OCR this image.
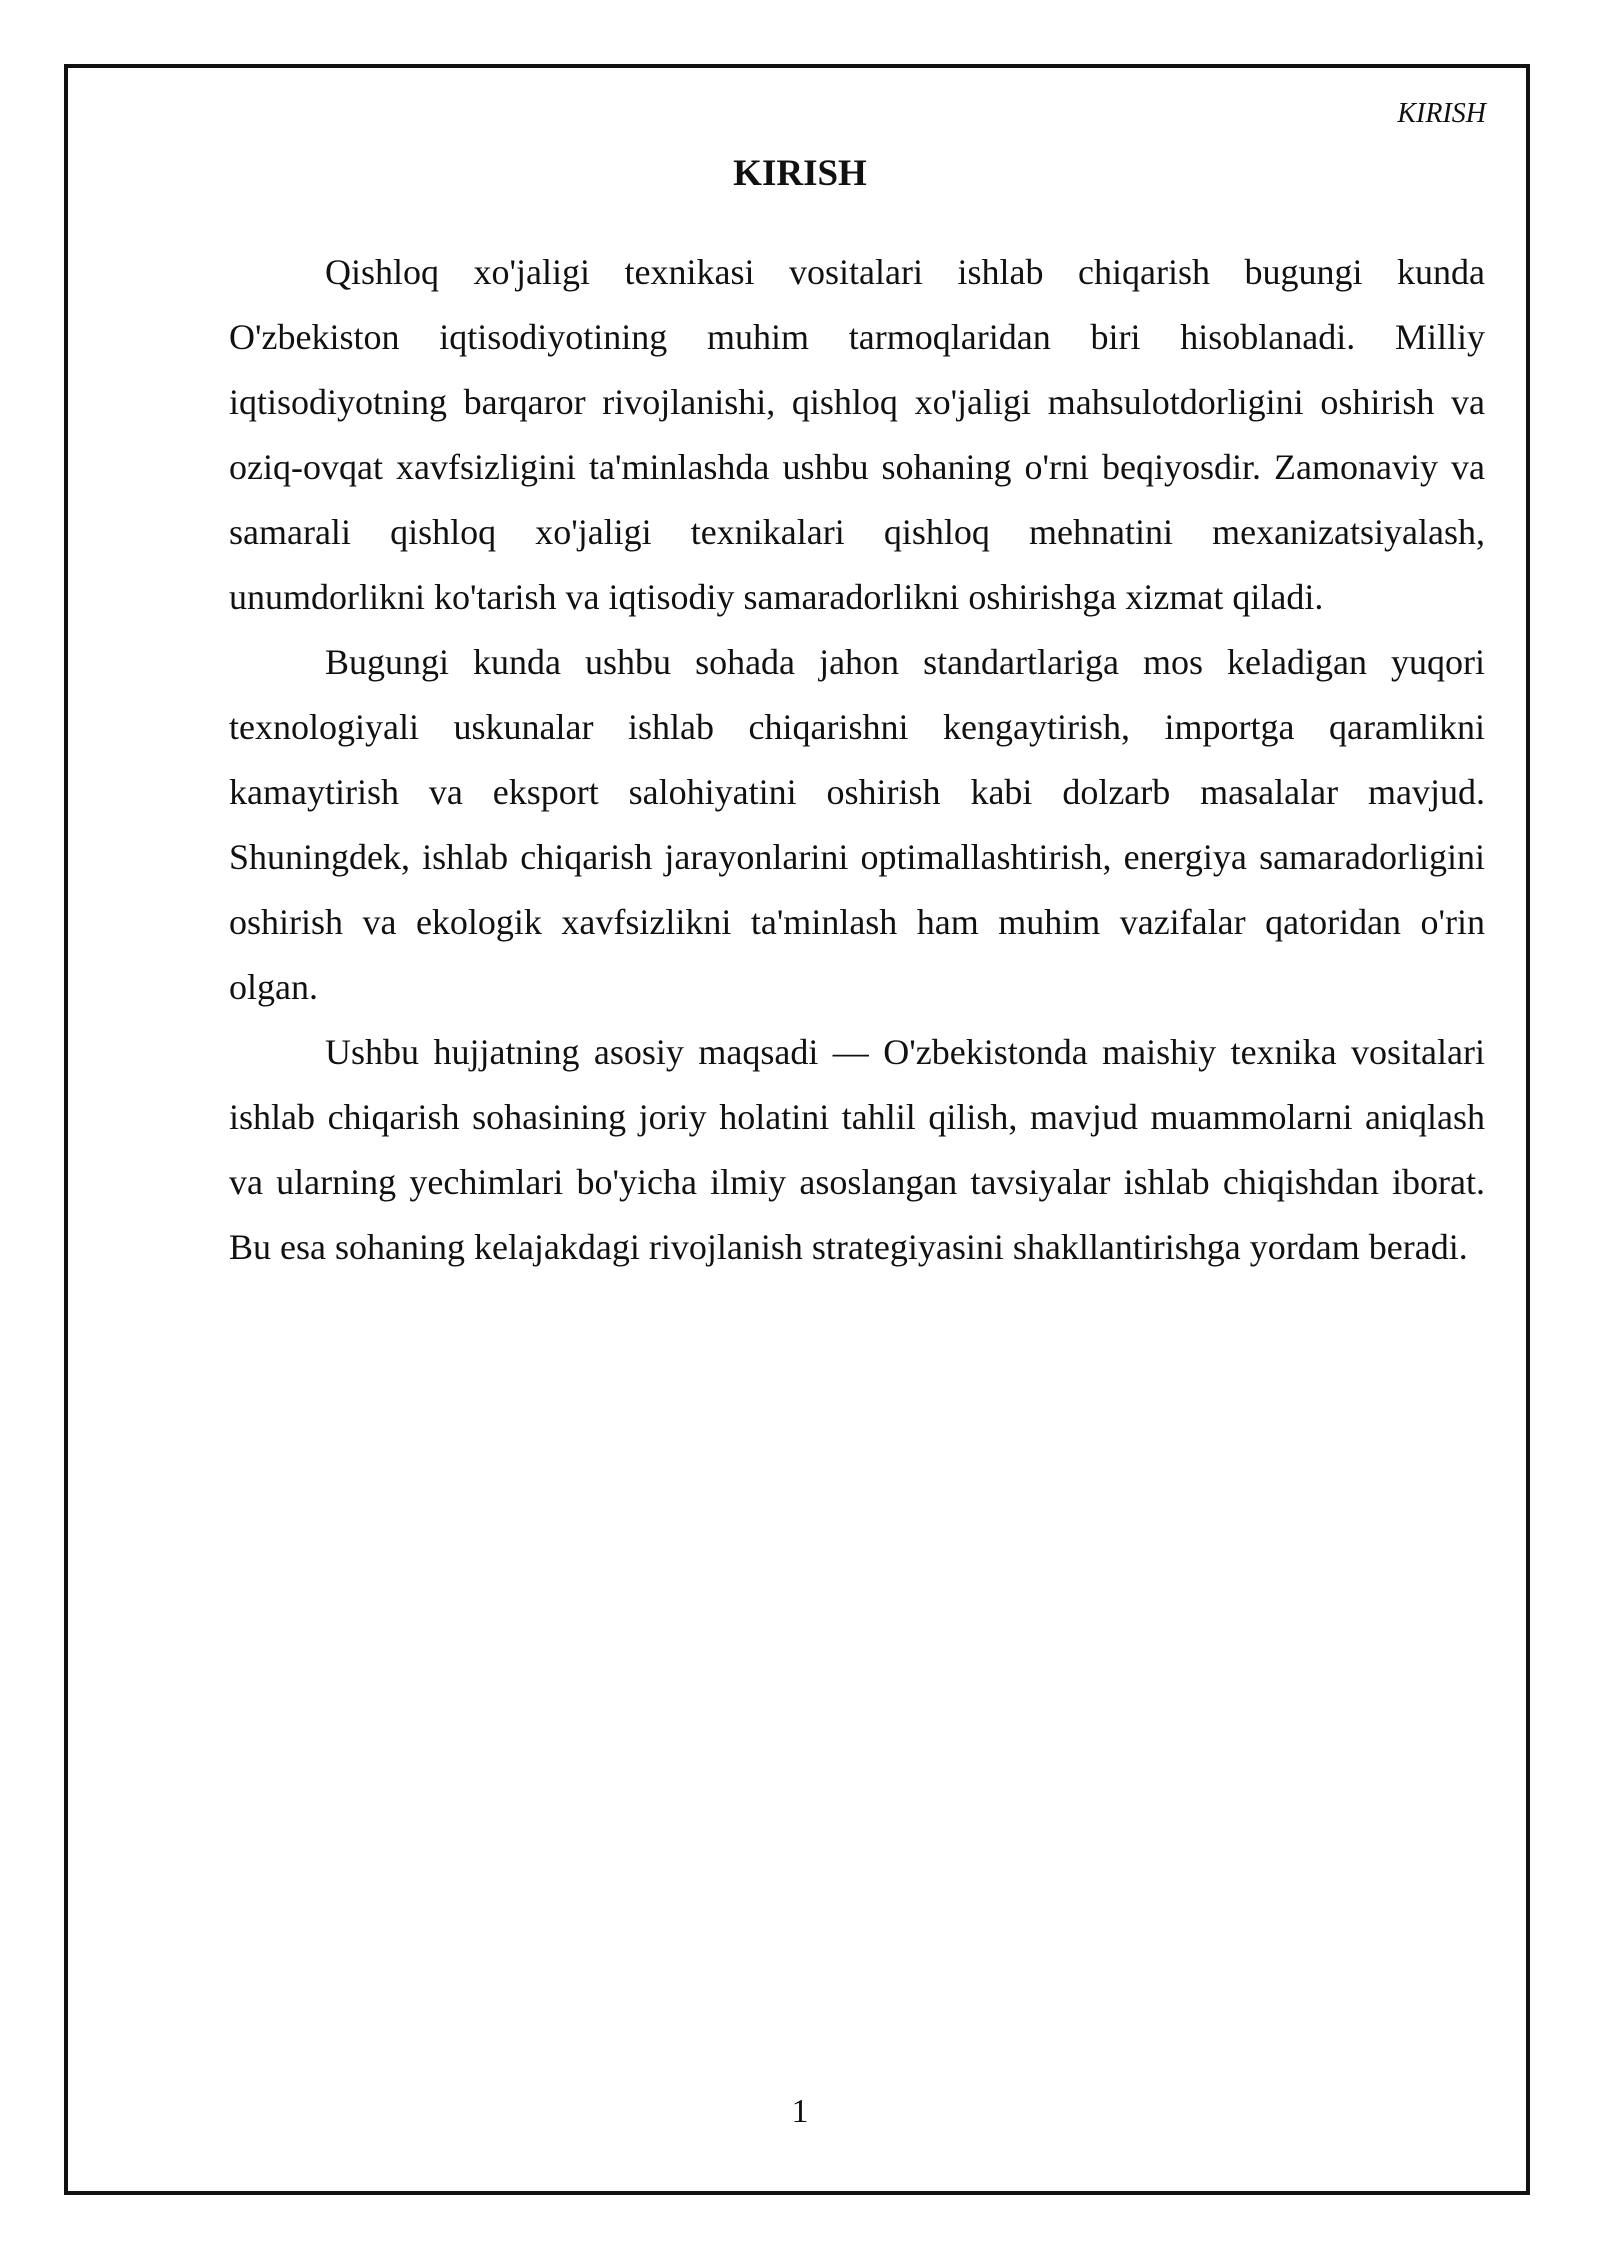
KIRISH
KIRISH

Qishloq xo'jaligi texnikasi vositalari ishlab chiqarish bugungi kunda O'zbekiston iqtisodiyotining muhim tarmoqlaridan biri hisoblanadi. Milliy iqtisodiyotning barqaror rivojlanishi, qishloq xo'jaligi mahsulotdorligini oshirish va oziq-ovqat xavfsizligini ta'minlashda ushbu sohaning o'rni beqiyosdir. Zamonaviy va samarali qishloq xo'jaligi texnikalari qishloq mehnatini mexanizatsiyalash, unumdorlikni ko'tarish va iqtisodiy samaradorlikni oshirishga xizmat qiladi.

Bugungi kunda ushbu sohada jahon standartlariga mos keladigan yuqori texnologiyali uskunalar ishlab chiqarishni kengaytirish, importga qaramlikni kamaytirish va eksport salohiyatini oshirish kabi dolzarb masalalar mavjud. Shuningdek, ishlab chiqarish jarayonlarini optimallashtirish, energiya samaradorligini oshirish va ekologik xavfsizlikni ta'minlash ham muhim vazifalar qatoridan o'rin olgan.

Ushbu hujjatning asosiy maqsadi — O'zbekistonda maishiy texnika vositalari ishlab chiqarish sohasining joriy holatini tahlil qilish, mavjud muammolarni aniqlash va ularning yechimlari bo'yicha ilmiy asoslangan tavsiyalar ishlab chiqishdan iborat. Bu esa sohaning kelajakdagi rivojlanish strategiyasini shakllantirishga yordam beradi.

1
